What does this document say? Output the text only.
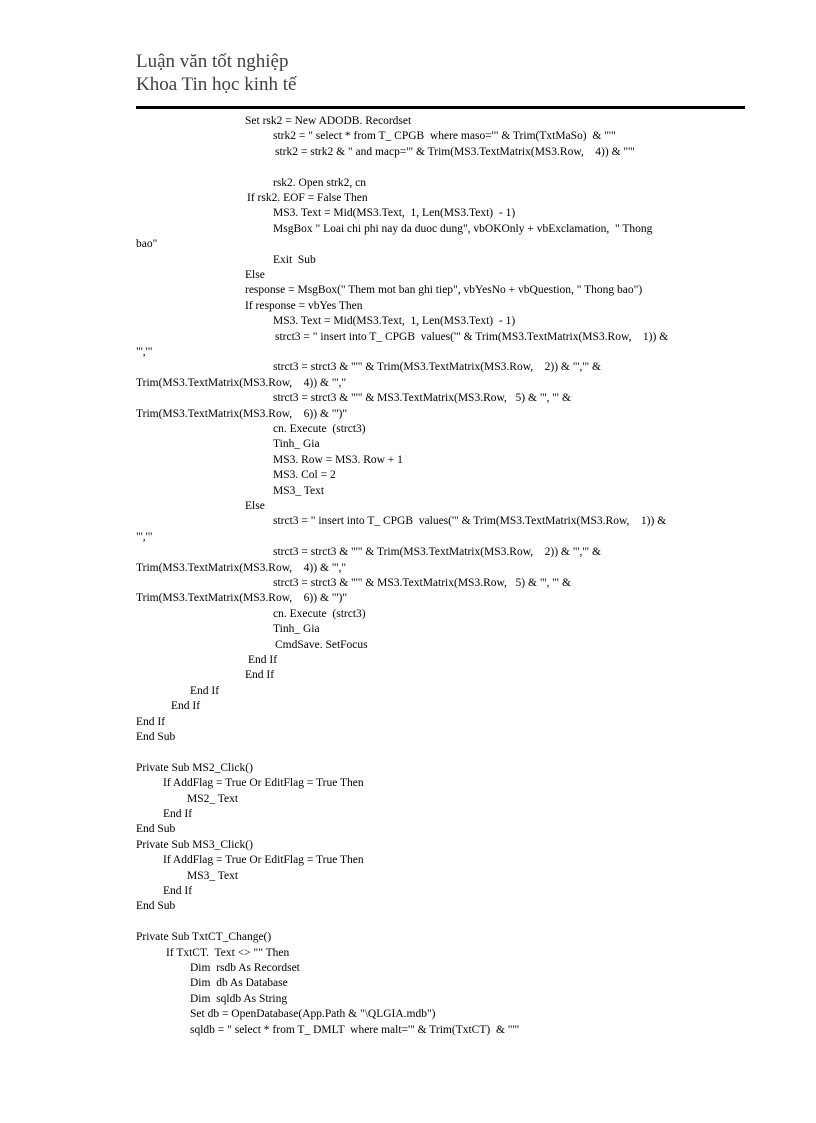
Luận văn tốt nghiệp
Khoa Tin học kinh tế
Set rsk2 = New ADODB. Recordset
strk2 = " select * from T_ CPGB  where maso='" & Trim(TxtMaSo)  & "'"
strk2 = strk2 & " and macp='" & Trim(MS3.TextMatrix(MS3.Row,    4)) & "'"
rsk2. Open strk2, cn
If rsk2. EOF = False Then
MS3. Text = Mid(MS3.Text,  1, Len(MS3.Text)  - 1)
MsgBox " Loai chi phi nay da duoc dung", vbOKOnly + vbExclamation,  " Thong
bao"
Exit  Sub
Else
response = MsgBox(" Them mot ban ghi tiep", vbYesNo + vbQuestion, " Thong bao")
If response = vbYes Then
MS3. Text = Mid(MS3.Text,  1, Len(MS3.Text)  - 1)
strct3 = " insert into T_ CPGB  values('" & Trim(MS3.TextMatrix(MS3.Row,    1)) &
"','"
strct3 = strct3 & "'" & Trim(MS3.TextMatrix(MS3.Row,    2)) & "','" &
Trim(MS3.TextMatrix(MS3.Row,    4)) & "',"
strct3 = strct3 & "'" & MS3.TextMatrix(MS3.Row,   5) & "', '" &
Trim(MS3.TextMatrix(MS3.Row,    6)) & "')"
cn. Execute  (strct3)
Tinh_ Gia
MS3. Row = MS3. Row + 1
MS3. Col = 2
MS3_ Text
Else
strct3 = " insert into T_ CPGB  values('" & Trim(MS3.TextMatrix(MS3.Row,    1)) &
"','"
strct3 = strct3 & "'" & Trim(MS3.TextMatrix(MS3.Row,    2)) & "','" &
Trim(MS3.TextMatrix(MS3.Row,    4)) & "',"
strct3 = strct3 & "'" & MS3.TextMatrix(MS3.Row,   5) & "', '" &
Trim(MS3.TextMatrix(MS3.Row,    6)) & "')"
cn. Execute  (strct3)
Tinh_ Gia
CmdSave. SetFocus
End If
End If
End If
End If
End If
End Sub
Private Sub MS2_Click()
If AddFlag = True Or EditFlag = True Then
MS2_ Text
End If
End Sub
Private Sub MS3_Click()
If AddFlag = True Or EditFlag = True Then
MS3_ Text
End If
End Sub
Private Sub TxtCT_Change()
If TxtCT.  Text <> "" Then
Dim  rsdb As Recordset
Dim  db As Database
Dim  sqldb As String
Set db = OpenDatabase(App.Path & "\QLGIA.mdb")
sqldb = " select * from T_ DMLT  where malt='" & Trim(TxtCT)  & "'"
